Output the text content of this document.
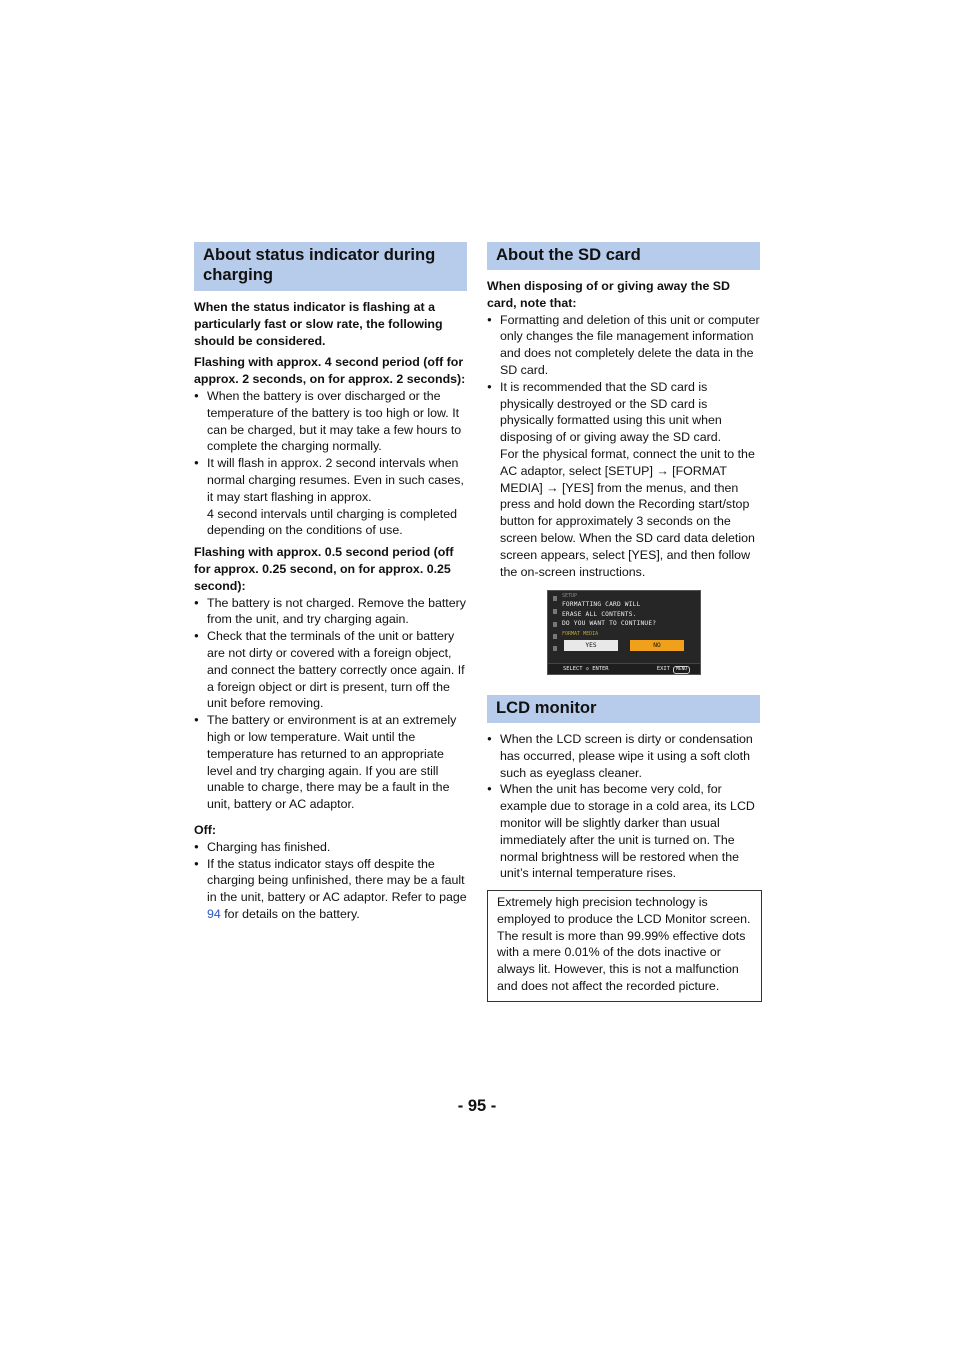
About status indicator during charging

When the status indicator is flashing at a particularly fast or slow rate, the following should be considered.

Flashing with approx. 4 second period (off for approx. 2 seconds, on for approx. 2 seconds):

● When the battery is over discharged or the temperature of the battery is too high or low. It can be charged, but it may take a few hours to complete the charging normally.
● It will flash in approx. 2 second intervals when normal charging resumes. Even in such cases, it may start flashing in approx.
4 second intervals until charging is completed depending on the conditions of use.

Flashing with approx. 0.5 second period (off for approx. 0.25 second, on for approx. 0.25 second):

● The battery is not charged. Remove the battery from the unit, and try charging again.
● Check that the terminals of the unit or battery are not dirty or covered with a foreign object, and connect the battery correctly once again. If a foreign object or dirt is present, turn off the unit before removing.
● The battery or environment is at an extremely high or low temperature. Wait until the temperature has returned to an appropriate level and try charging again. If you are still unable to charge, there may be a fault in the unit, battery or AC adaptor.

Off:

● Charging has finished.
● If the status indicator stays off despite the charging being unfinished, there may be a fault in the unit, battery or AC adaptor. Refer to page 94 for details on the battery.
About the SD card

When disposing of or giving away the SD card, note that:

● Formatting and deletion of this unit or computer only changes the file management information and does not completely delete the data in the SD card.
● It is recommended that the SD card is physically destroyed or the SD card is physically formatted using this unit when disposing of or giving away the SD card.
For the physical format, connect the unit to the AC adaptor, select [SETUP] → [FORMAT MEDIA] → [YES] from the menus, and then press and hold down the Recording start/stop button for approximately 3 seconds on the screen below. When the SD card data deletion screen appears, select [YES], and then follow the on-screen instructions.
LCD monitor
● When the LCD screen is dirty or condensation has occurred, please wipe it using a soft cloth such as eyeglass cleaner.
● When the unit has become very cold, for example due to storage in a cold area, its LCD monitor will be slightly darker than usual immediately after the unit is turned on. The normal brightness will be restored when the unit’s internal temperature rises.
Extremely high precision technology is employed to produce the LCD Monitor screen. The result is more than 99.99% effective dots with a mere 0.01% of the dots inactive or always lit. However, this is not a malfunction and does not affect the recorded picture.
SETUP
FORMAT MEDIA
FORMATTING CARD WILL
ERASE ALL CONTENTS.
DO YOU WANT TO CONTINUE?
YES	NO
SELECT ◇ ENTER	EXIT MENU
- 95 -
